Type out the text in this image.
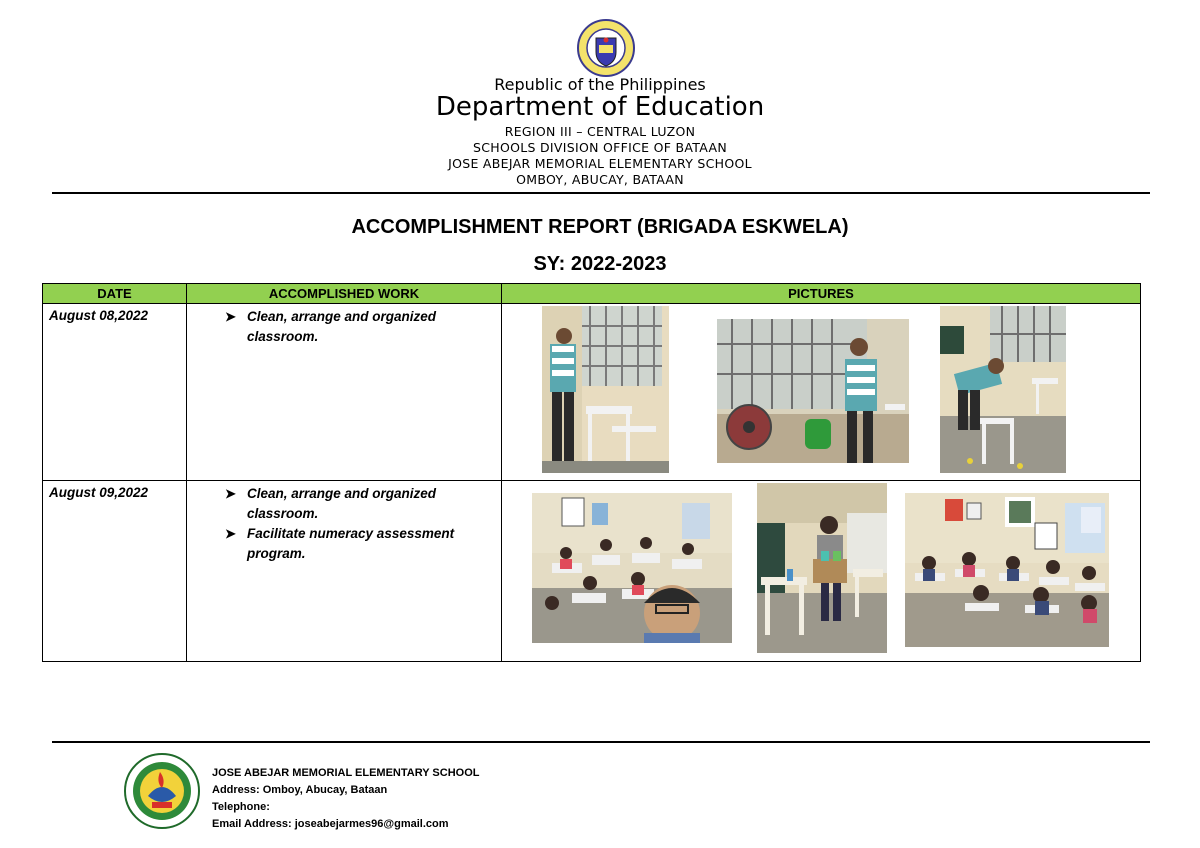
Republic of the Philippines
Department of Education
REGION III – CENTRAL LUZON
SCHOOLS DIVISION OFFICE OF BATAAN
JOSE ABEJAR MEMORIAL ELEMENTARY SCHOOL
OMBOY, ABUCAY, BATAAN
ACCOMPLISHMENT REPORT (BRIGADA ESKWELA)
SY: 2022-2023
DATE	ACCOMPLISHED WORK	PICTURES
August 08,2022	➤ Clean, arrange and organized classroom.

August 09,2022	➤ Clean, arrange and organized classroom.
➤ Facilitate numeracy assessment program.

JOSE ABEJAR MEMORIAL ELEMENTARY SCHOOL
Address: Omboy, Abucay, Bataan
Telephone:
Email Address: joseabejarmes96@gmail.com
